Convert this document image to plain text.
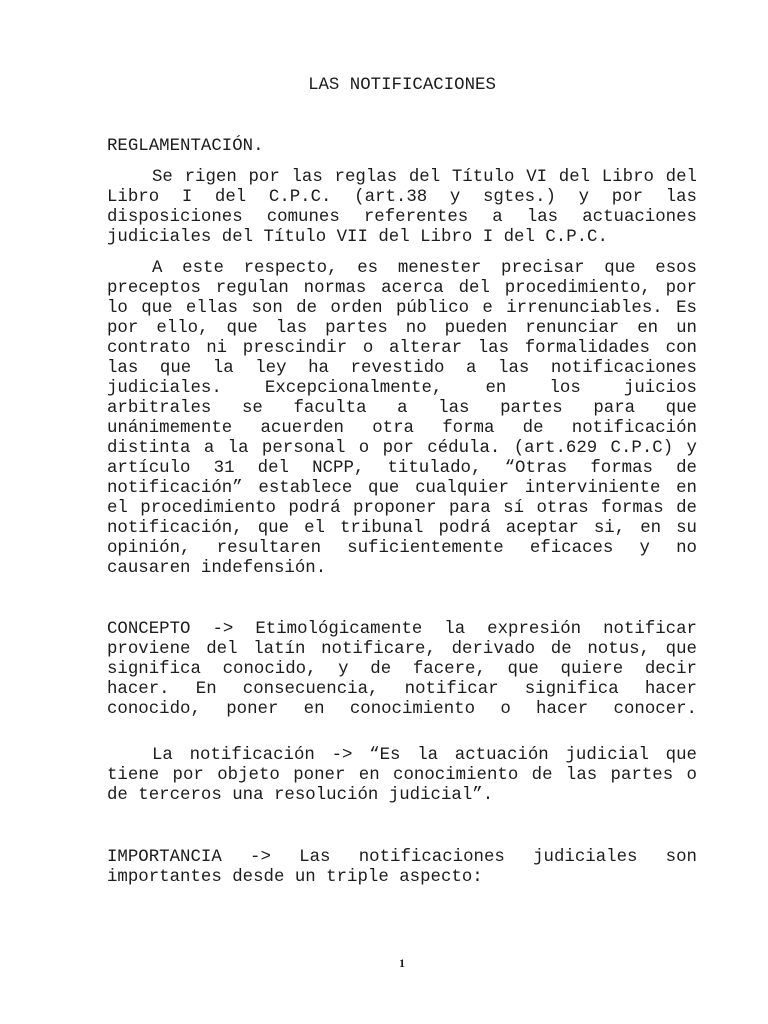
LAS NOTIFICACIONES
REGLAMENTACIÓN.
Se rigen por las reglas del Título VI del Libro del
Libro I del C.P.C. (art.38 y sgtes.) y por las
disposiciones comunes referentes a las actuaciones
judiciales del Título VII del Libro I del C.P.C.
A este respecto, es menester precisar que esos
preceptos regulan normas acerca del procedimiento, por
lo que ellas son de orden público e irrenunciables. Es
por ello, que las partes no pueden renunciar en un
contrato ni prescindir o alterar las formalidades con
las que la ley ha revestido a las notificaciones
judiciales. Excepcionalmente, en los juicios
arbitrales se faculta a las partes para que
unánimemente acuerden otra forma de notificación
distinta a la personal o por cédula. (art.629 C.P.C) y
artículo 31 del NCPP, titulado, “Otras formas de
notificación” establece que cualquier interviniente en
el procedimiento podrá proponer para sí otras formas de
notificación, que el tribunal podrá aceptar si, en su
opinión, resultaren suficientemente eficaces y no
causaren indefensión.
CONCEPTO -> Etimológicamente la expresión notificar
proviene del latín notificare, derivado de notus, que
significa conocido, y de facere, que quiere decir
hacer. En consecuencia, notificar significa hacer
conocido, poner en conocimiento o hacer conocer.
La notificación -> “Es la actuación judicial que
tiene por objeto poner en conocimiento de las partes o
de terceros una resolución judicial”.
IMPORTANCIA -> Las notificaciones judiciales son
importantes desde un triple aspecto:
1
